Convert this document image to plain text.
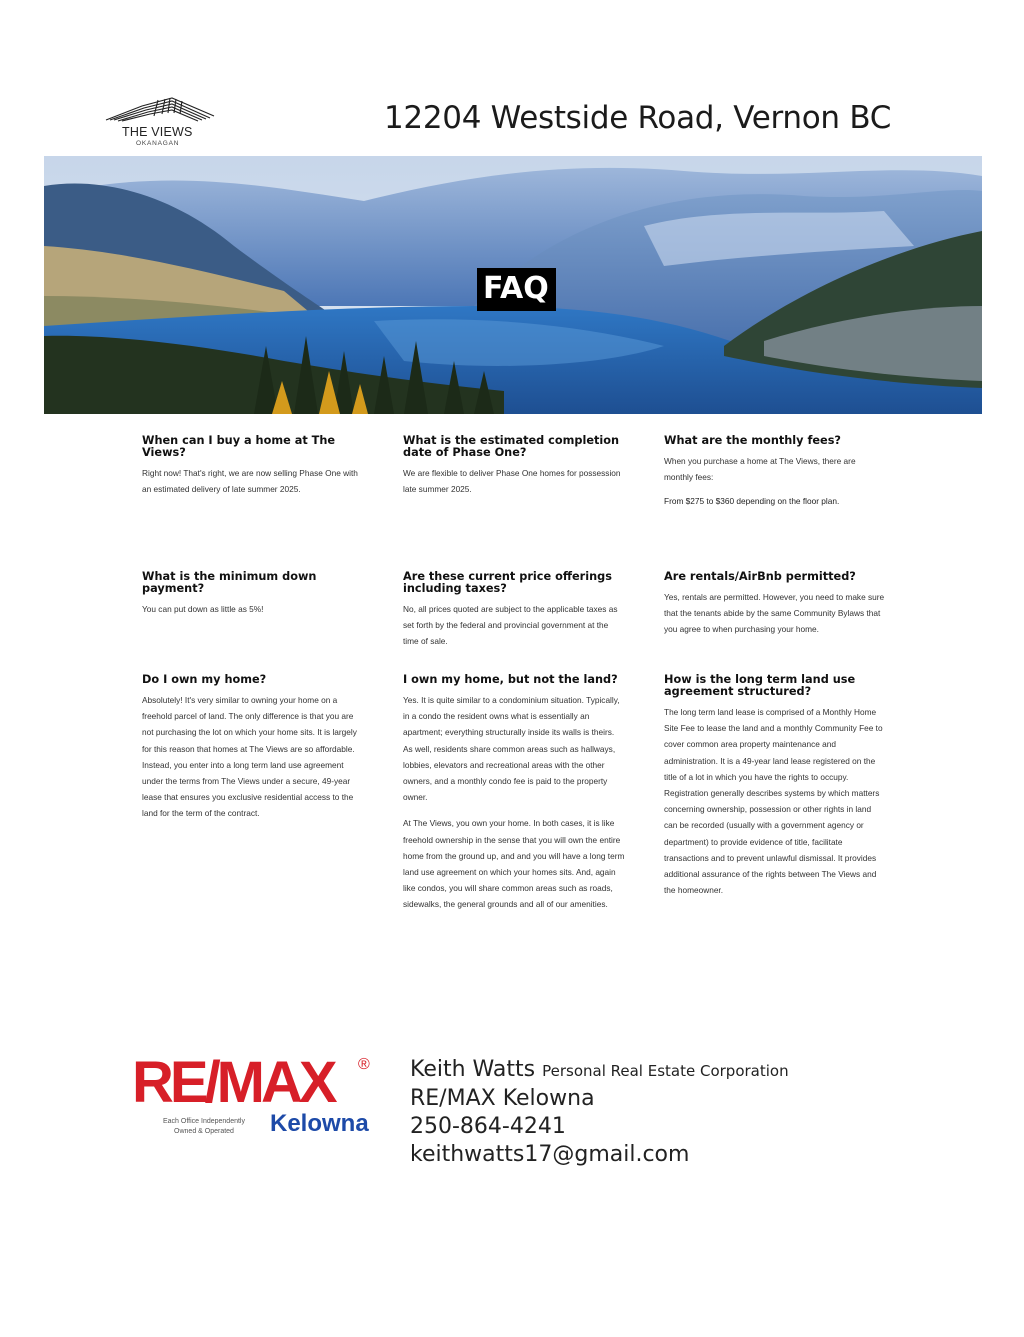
THE VIEWS
OKANAGAN
12204 Westside Road, Vernon BC
FAQ
When can I buy a home at The Views?

Right now! That's right, we are now selling Phase One with an estimated delivery of late summer 2025.

What is the estimated completion date of Phase One?

We are flexible to deliver Phase One homes for possession late summer 2025.

What are the monthly fees?

When you purchase a home at The Views, there are monthly fees:

From $275 to $360 depending on the floor plan.

What is the minimum down payment?

You can put down as little as 5%!

Are these current price offerings including taxes?

No, all prices quoted are subject to the applicable taxes as set forth by the federal and provincial government at the time of sale.

Are rentals/AirBnb permitted?

Yes, rentals are permitted. However, you need to make sure that the tenants abide by the same Community Bylaws that you agree to when purchasing your home.

Do I own my home?

Absolutely! It's very similar to owning your home on a freehold parcel of land. The only difference is that you are not purchasing the lot on which your home sits. It is largely for this reason that homes at The Views are so affordable. Instead, you enter into a long term land use agreement under the terms from The Views under a secure, 49-year lease that ensures you exclusive residential access to the land for the term of the contract.

I own my home, but not the land?

Yes. It is quite similar to a condominium situation. Typically, in a condo the resident owns what is essentially an apartment; everything structurally inside its walls is theirs. As well, residents share common areas such as hallways, lobbies, elevators and recreational areas with the other owners, and a monthly condo fee is paid to the property owner.

At The Views, you own your home. In both cases, it is like freehold ownership in the sense that you will own the entire home from the ground up, and and you will have a long term land use agreement on which your homes sits. And, again like condos, you will share common areas such as roads, sidewalks, the general grounds and all of our amenities.

How is the long term land use agreement structured?

The long term land lease is comprised of a Monthly Home Site Fee to lease the land and a monthly Community Fee to cover common area property maintenance and administration. It is a 49-year land lease registered on the title of a lot in which you have the rights to occupy. Registration generally describes systems by which matters concerning ownership, possession or other rights in land can be recorded (usually with a government agency or department) to provide evidence of title, facilitate transactions and to prevent unlawful dismissal. It provides additional assurance of the rights between The Views and the homeowner.

RE/MAX ®
Each Office Independently Owned & Operated	Kelowna
Keith Watts Personal Real Estate Corporation
RE/MAX Kelowna
250-864-4241
keithwatts17@gmail.com
